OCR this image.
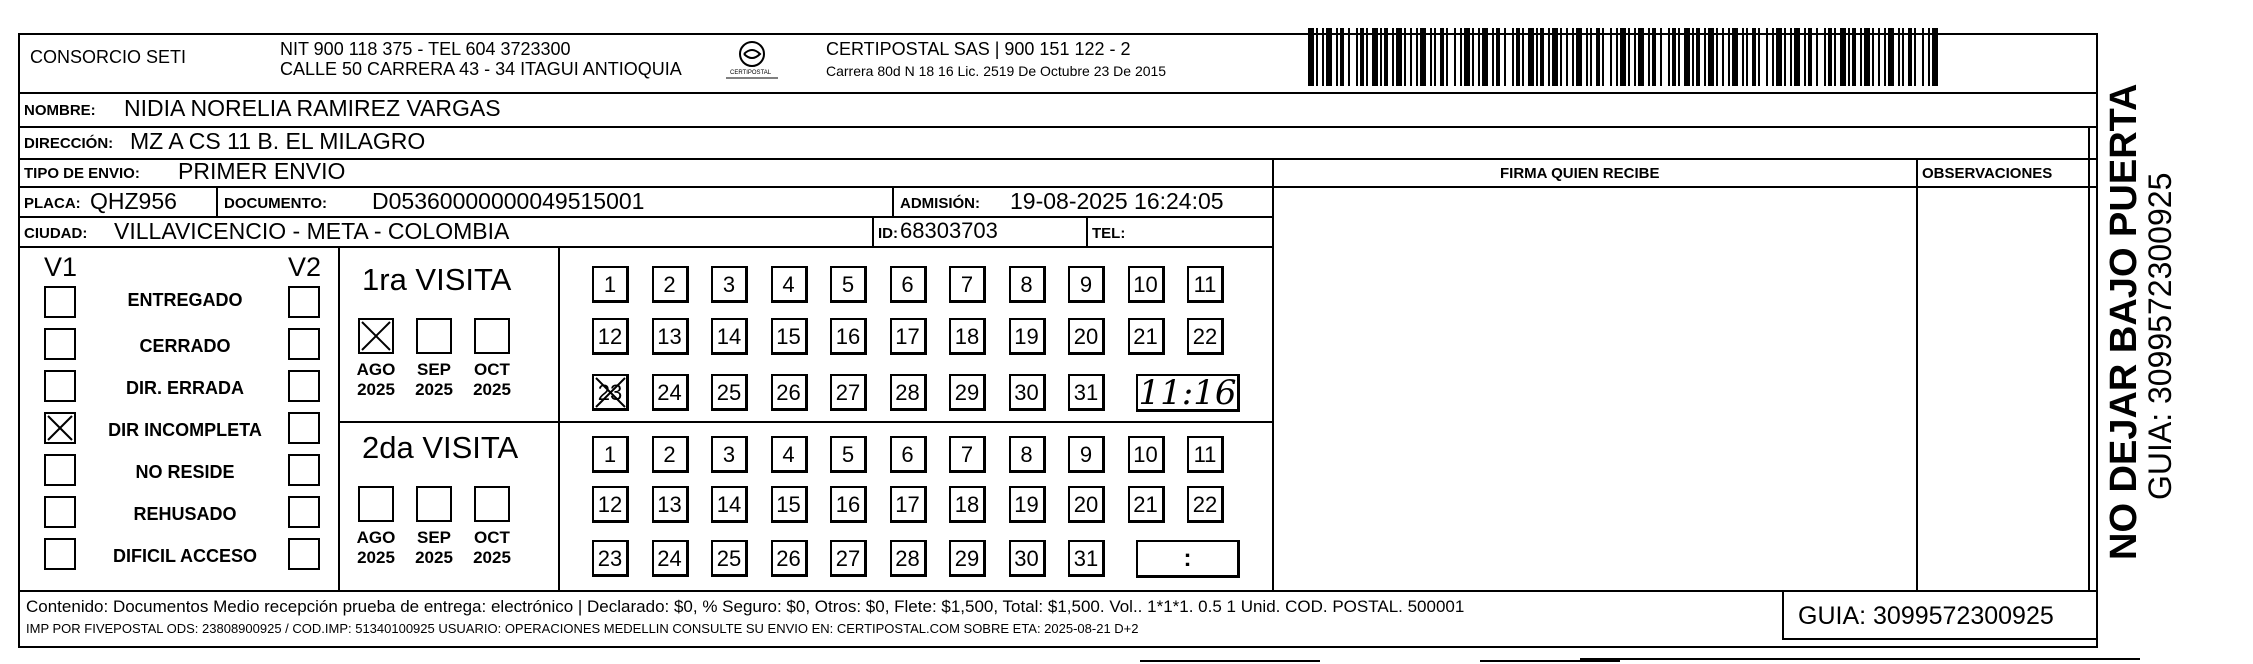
CONSORCIO SETI	NIT 900 118 375 - TEL 604 3723300
CALLE 50 CARRERA 43 - 34 ITAGUI ANTIOQUIA	CERTIPOSTAL
CERTIPOSTAL SAS | 900 151 122 - 2
Carrera 80d N 18 16 Lic. 2519 De Octubre 23 De 2015
NOMBRE: NIDIA NORELIA RAMIREZ VARGAS
DIRECCIÓN: MZ A CS 11 B. EL MILAGRO
TIPO DE ENVIO: PRIMER ENVIO	FIRMA QUIEN RECIBE	OBSERVACIONES
PLACA: QHZ956	DOCUMENTO: D05360000000049515001	ADMISIÓN: 19-08-2025 16:24:05
CIUDAD: VILLAVICENCIO - META - COLOMBIA	ID: 68303703	TEL:
V1	V2
ENTREGADO
CERRADO
DIR. ERRADA
DIR INCOMPLETA
NO RESIDE
REHUSADO
DIFICIL ACCESO
1ra VISITA
AGO
2025
SEP
2025
OCT
2025
1	2	3	4	5	6	7	8	9	10	11
12	13	14	15	16	17	18	19	20	21	22
23	24	25	26	27	28	29	30	31 11:16
2da VISITA
AGO
2025
SEP
2025
OCT
2025
1	2	3	4	5	6	7	8	9	10	11
12	13	14	15	16	17	18	19	20	21	22
23	24	25	26	27	28	29	30	31	:
Contenido: Documentos Medio recepción prueba de entrega: electrónico | Declarado: $0, % Seguro: $0, Otros: $0, Flete: $1,500, Total: $1,500. Vol.. 1*1*1. 0.5 1 Unid. COD. POSTAL. 500001
IMP POR FIVEPOSTAL ODS: 23808900925 / COD.IMP: 51340100925 USUARIO: OPERACIONES MEDELLIN CONSULTE SU ENVIO EN: CERTIPOSTAL.COM SOBRE ETA: 2025-08-21 D+2	GUIA: 3099572300925
NO DEJAR BAJO PUERTA
GUIA: 3099572300925
